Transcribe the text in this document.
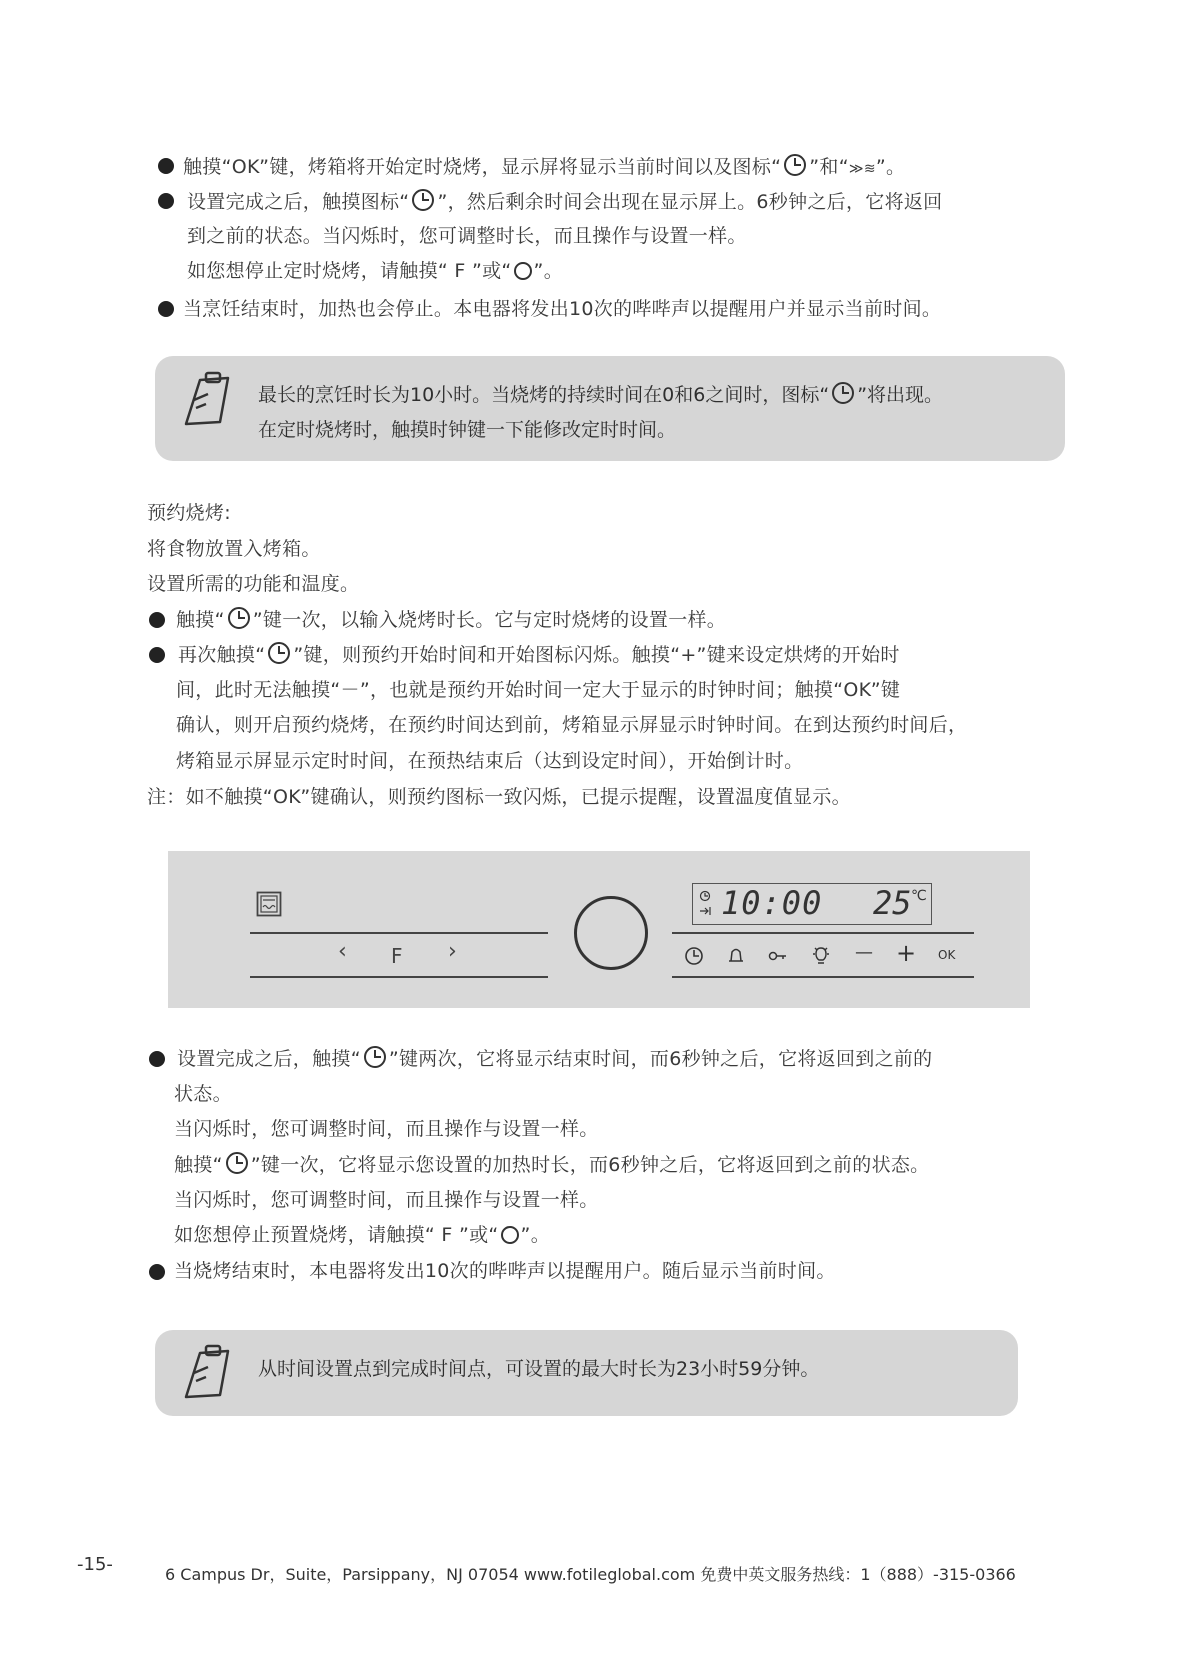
触摸“OK”键，烤箱将开始定时烧烤，显示屏将显示当前时间以及图标“ ”和“≫≋”。
设置完成之后，触摸图标“ ”，然后剩余时间会出现在显示屏上。6秒钟之后，它将返回
到之前的状态。当闪烁时，您可调整时长，而且操作与设置一样。
如您想停止定时烧烤，请触摸“ F ”或“ ”。
当烹饪结束时，加热也会停止。本电器将发出10次的哔哔声以提醒用户并显示当前时间。
最长的烹饪时长为10小时。当烧烤的持续时间在0和6之间时，图标“ ”将出现。
在定时烧烤时，触摸时钟键一下能修改定时时间。
预约烧烤:
将食物放置入烤箱。
设置所需的功能和温度。
触摸“ ”键一次，以输入烧烤时长。它与定时烧烤的设置一样。
再次触摸“ ”键，则预约开始时间和开始图标闪烁。触摸“+”键来设定烘烤的开始时
间，此时无法触摸“－”，也就是预约开始时间一定大于显示的时钟时间；触摸“OK”键
确认，则开启预约烧烤，在预约时间达到前，烤箱显示屏显示时钟时间。在到达预约时间后，
烤箱显示屏显示定时时间，在预热结束后（达到设定时间），开始倒计时。
注：如不触摸“OK”键确认，则预约图标一致闪烁，已提示提醒，设置温度值显示。
‹ F ›
10:00 25 ℃
— + OK
设置完成之后，触摸“ ”键两次，它将显示结束时间，而6秒钟之后，它将返回到之前的
状态。
当闪烁时，您可调整时间，而且操作与设置一样。
触摸“ ”键一次，它将显示您设置的加热时长，而6秒钟之后，它将返回到之前的状态。
当闪烁时，您可调整时间，而且操作与设置一样。
如您想停止预置烧烤，请触摸“ F ”或“ ”。
当烧烤结束时，本电器将发出10次的哔哔声以提醒用户。随后显示当前时间。
从时间设置点到完成时间点，可设置的最大时长为23小时59分钟。
-15-	6 Campus Dr，Suite，Parsippany，NJ 07054 www.fotileglobal.com 免费中英文服务热线：1（888）-315-0366
